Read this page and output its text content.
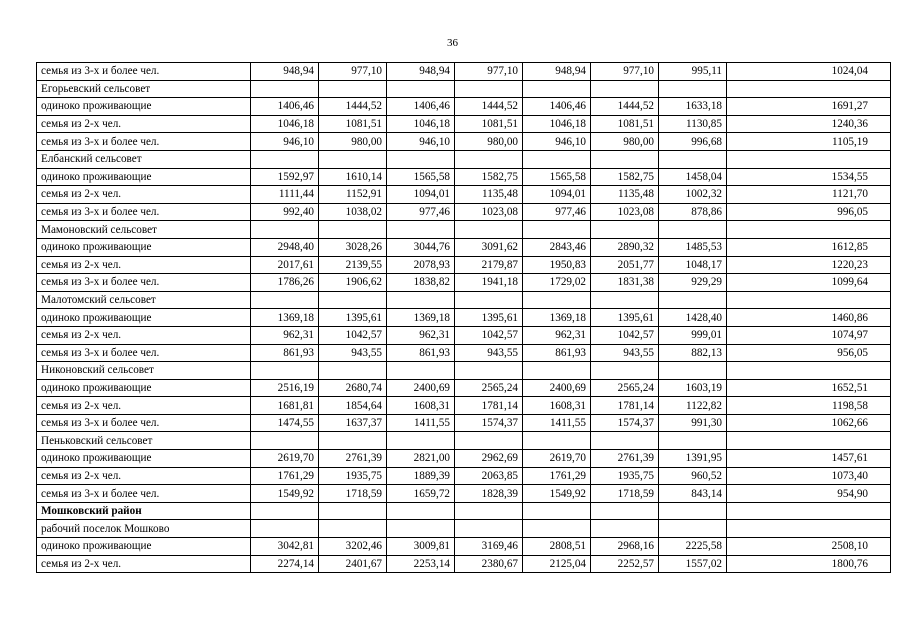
36
семья из 3-х и более чел.	948,94	977,10	948,94	977,10	948,94	977,10	995,11	1024,04
Егорьевский сельсовет								
одиноко проживающие	1406,46	1444,52	1406,46	1444,52	1406,46	1444,52	1633,18	1691,27
семья из 2-х чел.	1046,18	1081,51	1046,18	1081,51	1046,18	1081,51	1130,85	1240,36
семья из 3-х и более чел.	946,10	980,00	946,10	980,00	946,10	980,00	996,68	1105,19
Елбанский сельсовет								
одиноко проживающие	1592,97	1610,14	1565,58	1582,75	1565,58	1582,75	1458,04	1534,55
семья из 2-х чел.	1111,44	1152,91	1094,01	1135,48	1094,01	1135,48	1002,32	1121,70
семья из 3-х и более чел.	992,40	1038,02	977,46	1023,08	977,46	1023,08	878,86	996,05
Мамоновский сельсовет								
одиноко проживающие	2948,40	3028,26	3044,76	3091,62	2843,46	2890,32	1485,53	1612,85
семья из 2-х чел.	2017,61	2139,55	2078,93	2179,87	1950,83	2051,77	1048,17	1220,23
семья из 3-х и более чел.	1786,26	1906,62	1838,82	1941,18	1729,02	1831,38	929,29	1099,64
Малотомский сельсовет								
одиноко проживающие	1369,18	1395,61	1369,18	1395,61	1369,18	1395,61	1428,40	1460,86
семья из 2-х чел.	962,31	1042,57	962,31	1042,57	962,31	1042,57	999,01	1074,97
семья из 3-х и более чел.	861,93	943,55	861,93	943,55	861,93	943,55	882,13	956,05
Никоновский сельсовет								
одиноко проживающие	2516,19	2680,74	2400,69	2565,24	2400,69	2565,24	1603,19	1652,51
семья из 2-х чел.	1681,81	1854,64	1608,31	1781,14	1608,31	1781,14	1122,82	1198,58
семья из 3-х и более чел.	1474,55	1637,37	1411,55	1574,37	1411,55	1574,37	991,30	1062,66
Пеньковский сельсовет								
одиноко проживающие	2619,70	2761,39	2821,00	2962,69	2619,70	2761,39	1391,95	1457,61
семья из 2-х чел.	1761,29	1935,75	1889,39	2063,85	1761,29	1935,75	960,52	1073,40
семья из 3-х и более чел.	1549,92	1718,59	1659,72	1828,39	1549,92	1718,59	843,14	954,90
Мошковский район								
рабочий поселок Мошково								
одиноко проживающие	3042,81	3202,46	3009,81	3169,46	2808,51	2968,16	2225,58	2508,10
семья из 2-х чел.	2274,14	2401,67	2253,14	2380,67	2125,04	2252,57	1557,02	1800,76
